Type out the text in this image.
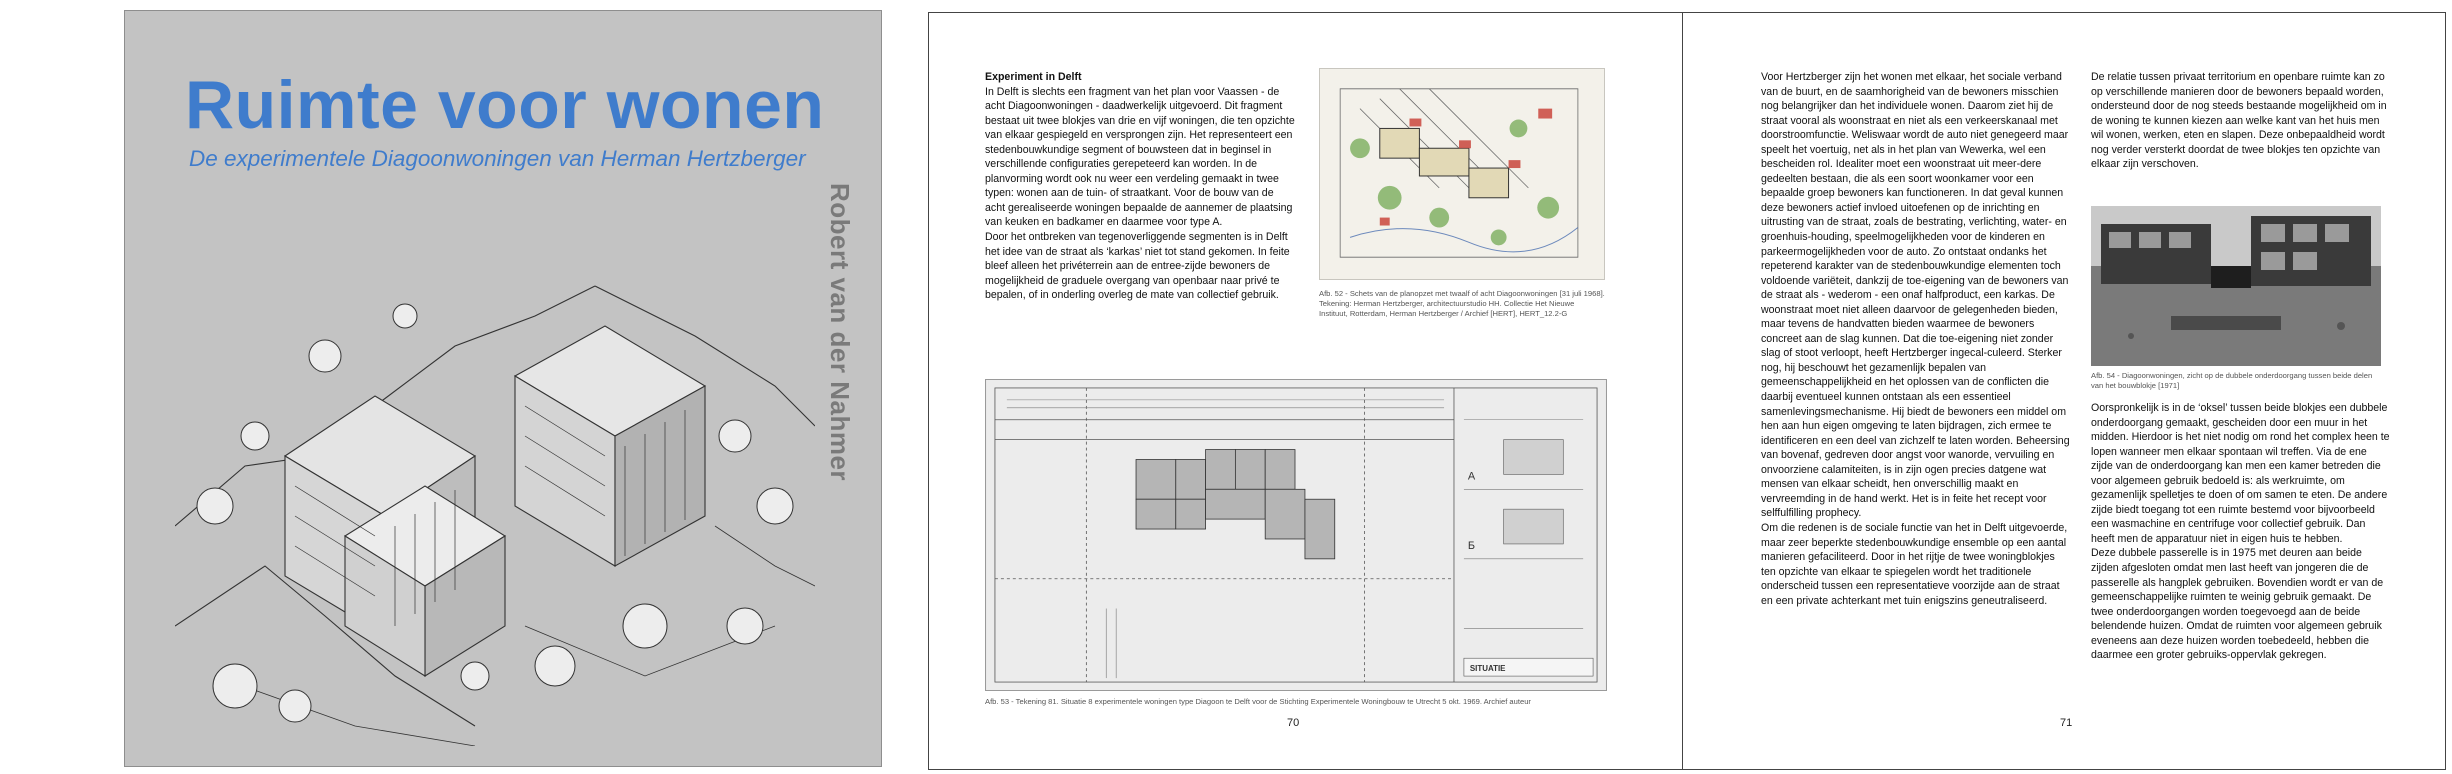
Ruimte voor wonen
De experimentele Diagoonwoningen van Herman Hertzberger
Robert van der Nahmer
Experiment in Delft
In Delft is slechts een fragment van het plan voor Vaassen - de acht Diagoonwoningen - daadwerkelijk uitgevoerd. Dit fragment bestaat uit twee blokjes van drie en vijf woningen, die ten opzichte van elkaar gespiegeld en versprongen zijn. Het representeert een stedenbouwkundige segment of bouwsteen dat in beginsel in verschillende configuraties gerepeteerd kan worden. In de planvorming wordt ook nu weer een verdeling gemaakt in twee typen: wonen aan de tuin- of straatkant. Voor de bouw van de acht gerealiseerde woningen bepaalde de aannemer de plaatsing van keuken en badkamer en daarmee voor type A.
Door het ontbreken van tegenoverliggende segmenten is in Delft het idee van de straat als ‘karkas’ niet tot stand gekomen. In feite bleef alleen het privéterrein aan de entree-zijde bewoners de mogelijkheid de graduele overgang van openbaar naar privé te bepalen, of in onderling overleg de mate van collectief gebruik.	Afb. 52 - Schets van de planopzet met twaalf of acht Diagoonwoningen [31 juli 1968]. Tekening: Herman Hertzberger, architectuurstudio HH. Collectie Het Nieuwe Instituut, Rotterdam, Herman Hertzberger / Archief [HERT], HERT_12.2-G
A
Б
SITUATIE
Afb. 53 - Tekening 81. Situatie 8 experimentele woningen type Diagoon te Delft voor de Stichting Experimentele Woningbouw te Utrecht 5 okt. 1969. Archief auteur
70
Voor Hertzberger zijn het wonen met elkaar, het sociale verband van de buurt, en de saamhorigheid van de bewoners misschien nog belangrijker dan het individuele wonen. Daarom ziet hij de straat vooral als woonstraat en niet als een verkeerskanaal met doorstroomfunctie. Weliswaar wordt de auto niet genegeerd maar speelt het voertuig, net als in het plan van Wewerka, wel een bescheiden rol. Idealiter moet een woonstraat uit meer-dere gedeelten bestaan, die als een soort woonkamer voor een bepaalde groep bewoners kan functioneren. In dat geval kunnen deze bewoners actief invloed uitoefenen op de inrichting en uitrusting van de straat, zoals de bestrating, verlichting, water- en groenhuis-houding, speelmogelijkheden voor de kinderen en parkeermogelijkheden voor de auto. Zo ontstaat ondanks het repeterend karakter van de stedenbouwkundige elementen toch voldoende variëteit, dankzij de toe-eigening van de bewoners van de straat als - wederom - een onaf halfproduct, een karkas. De woonstraat moet niet alleen daarvoor de gelegenheden bieden, maar tevens de handvatten bieden waarmee de bewoners concreet aan de slag kunnen. Dat die toe-eigening niet zonder slag of stoot verloopt, heeft Hertzberger ingecal-culeerd. Sterker nog, hij beschouwt het gezamenlijk bepalen van gemeenschappelijkheid en het oplossen van de conflicten die daarbij eventueel kunnen ontstaan als een essentieel samenlevingsmechanisme. Hij biedt de bewoners een middel om hen aan hun eigen omgeving te laten bijdragen, zich ermee te identificeren en een deel van zichzelf te laten worden. Beheersing van bovenaf, gedreven door angst voor wanorde, vervuiling en onvoorziene calamiteiten, is in zijn ogen precies datgene wat mensen van elkaar scheidt, hen onverschillig maakt en vervreemding in de hand werkt. Het is in feite het recept voor selffulfilling prophecy.
Om die redenen is de sociale functie van het in Delft uitgevoerde, maar zeer beperkte stedenbouwkundige ensemble op een aantal manieren gefaciliteerd. Door in het rijtje de twee woningblokjes ten opzichte van elkaar te spiegelen wordt het traditionele onderscheid tussen een representatieve voorzijde aan de straat en een private achterkant met tuin enigszins geneutraliseerd.
De relatie tussen privaat territorium en openbare ruimte kan zo op verschillende manieren door de bewoners bepaald worden, ondersteund door de nog steeds bestaande mogelijkheid om in de woning te kunnen kiezen aan welke kant van het huis men wil wonen, werken, eten en slapen. Deze onbepaaldheid wordt nog verder versterkt doordat de twee blokjes ten opzichte van elkaar zijn verschoven.
Afb. 54 - Diagoonwoningen, zicht op de dubbele onderdoorgang tussen beide delen van het bouwblokje [1971]
Oorspronkelijk is in de ‘oksel’ tussen beide blokjes een dubbele onderdoorgang gemaakt, gescheiden door een muur in het midden. Hierdoor is het niet nodig om rond het complex heen te lopen wanneer men elkaar spontaan wil treffen. Via de ene zijde van de onderdoorgang kan men een kamer betreden die voor algemeen gebruik bedoeld is: als werkruimte, om gezamenlijk spelletjes te doen of om samen te eten. De andere zijde biedt toegang tot een ruimte bestemd voor bijvoorbeeld een wasmachine en centrifuge voor collectief gebruik. Dan heeft men de apparatuur niet in eigen huis te hebben.
Deze dubbele passerelle is in 1975 met deuren aan beide zijden afgesloten omdat men last heeft van jongeren die de passerelle als hangplek gebruiken. Bovendien wordt er van de gemeenschappelijke ruimten te weinig gebruik gemaakt. De twee onderdoorgangen worden toegevoegd aan de beide belendende huizen. Omdat de ruimten voor algemeen gebruik eveneens aan deze huizen worden toebedeeld, hebben die daarmee een groter gebruiks-oppervlak gekregen.
71
